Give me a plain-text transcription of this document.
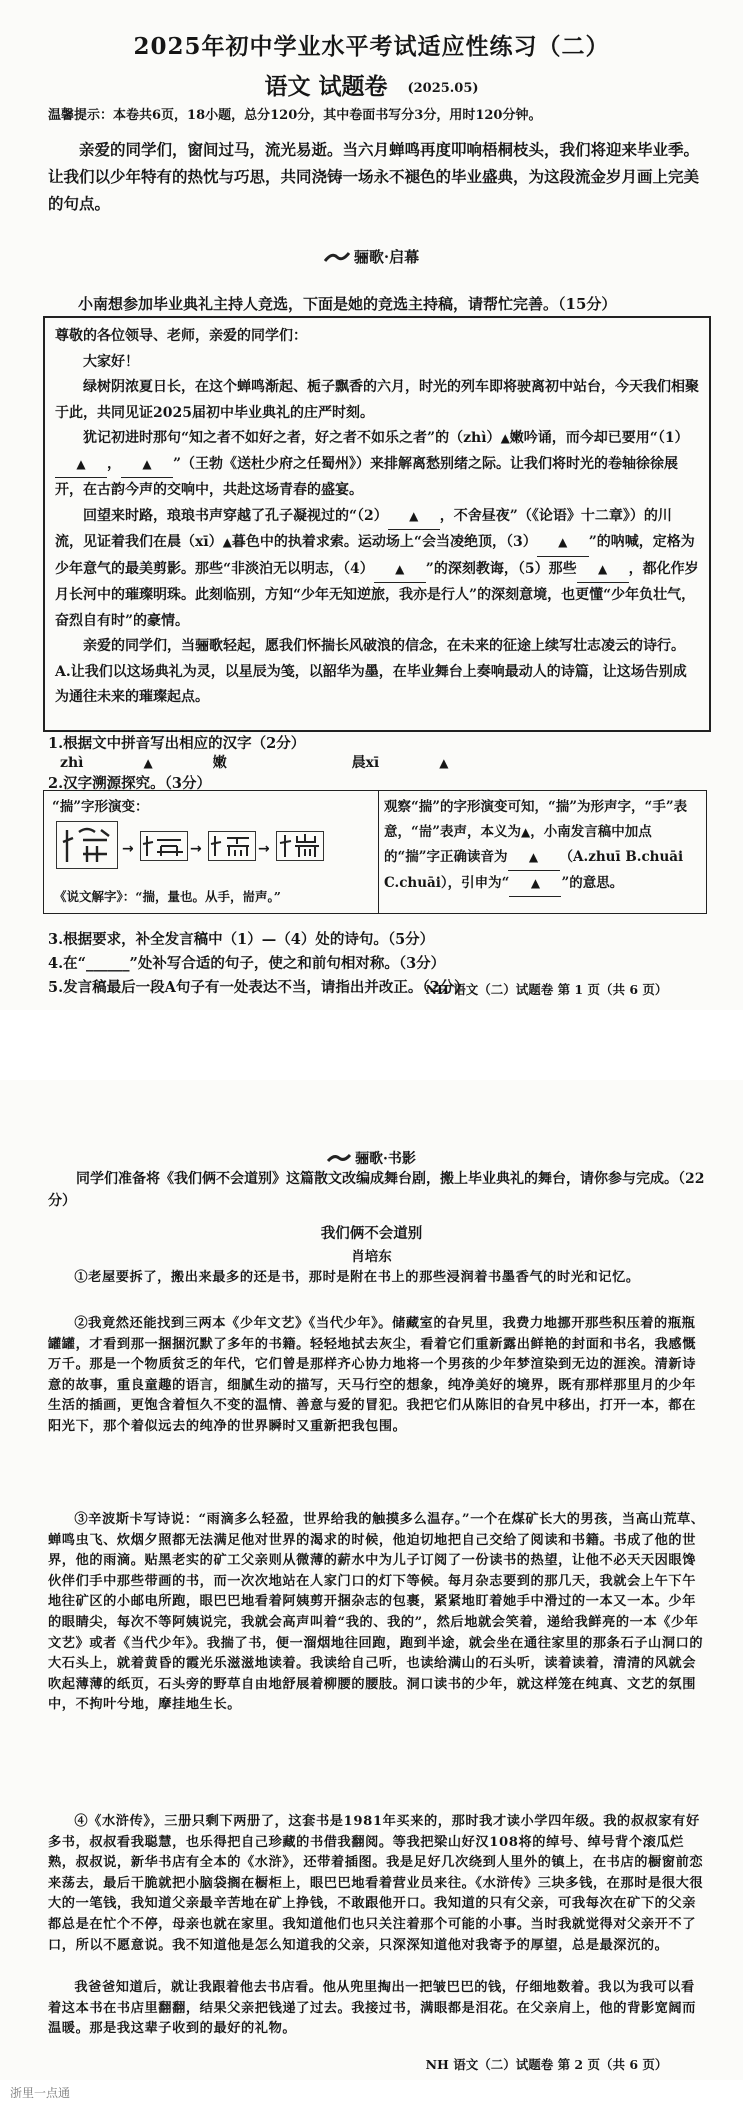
2025年初中学业水平考试适应性练习（二）
语文 试题卷 (2025.05)
温馨提示：本卷共6页，18小题，总分120分，其中卷面书写分3分，用时120分钟。
亲爱的同学们，窗间过马，流光易逝。当六月蝉鸣再度叩响梧桐枝头，我们将迎来毕业季。让我们以少年特有的热忱与巧思，共同浇铸一场永不褪色的毕业盛典，为这段流金岁月画上完美的句点。
骊歌·启幕
小南想参加毕业典礼主持人竞选，下面是她的竞选主持稿，请帮忙完善。（15分）

尊敬的各位领导、老师，亲爱的同学们：

大家好！

绿树阴浓夏日长，在这个蝉鸣渐起、栀子飘香的六月，时光的列车即将驶离初中站台，今天我们相聚于此，共同见证2025届初中毕业典礼的庄严时刻。

犹记初进时那句“知之者不如好之者，好之者不如乐之者”的（zhì）▲嫩吟诵，而今却已要用“（1）▲ ， ▲ ”（王勃《送杜少府之任蜀州》）来排解离愁别绪之际。让我们将时光的卷轴徐徐展开，在古韵今声的交响中，共赴这场青春的盛宴。

回望来时路，琅琅书声穿越了孔子凝视过的“（2） ▲ ，不舍昼夜”（《论语》十二章》）的川流，见证着我们在晨（xī）▲暮色中的执着求索。运动场上“会当凌绝顶，（3） ▲ ”的呐喊，定格为少年意气的最美剪影。那些“非淡泊无以明志，（4） ▲ ”的深刻教诲，（5）那些 ▲ ，都化作岁月长河中的璀璨明珠。此刻临别，方知“少年无知逆旅，我亦是行人”的深刻意境，也更懂“少年负壮气，奋烈自有时”的豪情。

亲爱的同学们，当骊歌轻起，愿我们怀揣长风破浪的信念，在未来的征途上续写壮志凌云的诗行。A.让我们以这场典礼为灵，以星辰为笺，以韶华为墨，在毕业舞台上奏响最动人的诗篇，让这场告别成为通往未来的璀璨起点。

1.根据文中拼音写出相应的汉字（2分）
zhì	▲	嫩	晨xī	▲
2.汉字溯源探究。（3分）
“揣”字形演变：
→	→	→
《说文解字》：“揣，量也。从手，耑声。”
观察“揣”的字形演变可知，“揣”为形声字，“手”表意，“耑”表声，本义为▲，小南发言稿中加点的“揣”字正确读音为 ▲ （A.zhuī B.chuāi C.chuāi），引申为“ ▲ ”的意思。
3.根据要求，补全发言稿中（1）—（4）处的诗句。（5分）
4.在“______”处补写合适的句子，使之和前句相对称。（3分）
5.发言稿最后一段A句子有一处表达不当，请指出并改正。（2分）
NH 语文（二）试题卷 第 1 页（共 6 页）
骊歌·书影
同学们准备将《我们俩不会道别》这篇散文改编成舞台剧，搬上毕业典礼的舞台，请你参与完成。（22分）
我们俩不会道别
肖培东
①老屋要拆了，搬出来最多的还是书，那时是附在书上的那些浸润着书墨香气的时光和记忆。
②我竟然还能找到三两本《少年文艺》《当代少年》。储藏室的旮旯里，我费力地挪开那些积压着的瓶瓶罐罐，才看到那一捆捆沉默了多年的书籍。轻轻地拭去灰尘，看着它们重新露出鲜艳的封面和书名，我感慨万千。那是一个物质贫乏的年代，它们曾是那样齐心协力地将一个男孩的少年梦渲染到无边的涯涘。清新诗意的故事，重良童趣的语言，细腻生动的描写，天马行空的想象，纯净美好的境界，既有那样那里月的少年生活的插画，更饱含着恒久不变的温情、善意与爱的冒犯。我把它们从陈旧的旮旯中移出，打开一本，都在阳光下，那个着似远去的纯净的世界瞬时又重新把我包围。
③辛波斯卡写诗说：“雨滴多么轻盈，世界给我的触摸多么温存。”一个在煤矿长大的男孩，当高山荒草、蝉鸣虫飞、炊烟夕照都无法满足他对世界的渴求的时候，他迫切地把自己交给了阅读和书籍。书成了他的世界，他的雨滴。贴黑老实的矿工父亲则从微薄的薪水中为儿子订阅了一份读书的热望，让他不必天天因眼馋伙伴们手中那些带画的书，而一次次地站在人家门口的灯下等候。每月杂志要到的那几天，我就会上午下午地往矿区的小邮电所跑，眼巴巴地看着阿姨剪开捆杂志的包裹，紧紧地盯着她手中滑过的一本又一本。少年的眼睛尖，每次不等阿姨说完，我就会高声叫着“我的、我的”，然后地就会笑着，递给我鲜亮的一本《少年文艺》或者《当代少年》。我揣了书，便一溜烟地往回跑，跑到半途，就会坐在通往家里的那条石子山洞口的大石头上，就着黄昏的霞光乐滋滋地读着。我读给自己听，也读给满山的石头听，读着读着，清清的风就会吹起薄薄的纸页，石头旁的野草自由地舒展着柳腰的腰肢。洞口读书的少年，就这样笼在纯真、文艺的氛围中，不拘叶兮地，摩挂地生长。
④《水浒传》，三册只剩下两册了，这套书是1981年买来的，那时我才读小学四年级。我的叔叔家有好多书，叔叔看我聪慧，也乐得把自己珍藏的书借我翻阅。等我把梁山好汉108将的绰号、绰号背个滚瓜烂熟，叔叔说，新华书店有全本的《水浒》，还带着插图。我是足好几次绕到人里外的镇上，在书店的橱窗前恋来荡去，最后干脆就把小脑袋搁在橱柜上，眼巴巴地看着营业员来往。《水浒传》三块多钱，在那时是很大很大的一笔钱，我知道父亲最辛苦地在矿上挣钱，不敢跟他开口。我知道的只有父亲，可我每次在矿下的父亲都总是在忙个不停，母亲也就在家里。我知道他们也只关注着那个可能的小事。当时我就觉得对父亲开不了口，所以不愿意说。我不知道他是怎么知道我的父亲，只深深知道他对我寄予的厚望，总是最深沉的。
我爸爸知道后，就让我跟着他去书店看。他从兜里掏出一把皱巴巴的钱，仔细地数着。我以为我可以看着这本书在书店里翻翻，结果父亲把钱递了过去。我接过书，满眼都是泪花。在父亲肩上，他的背影宽阔而温暖。那是我这辈子收到的最好的礼物。
NH 语文（二）试题卷 第 2 页（共 6 页）
浙里一点通
